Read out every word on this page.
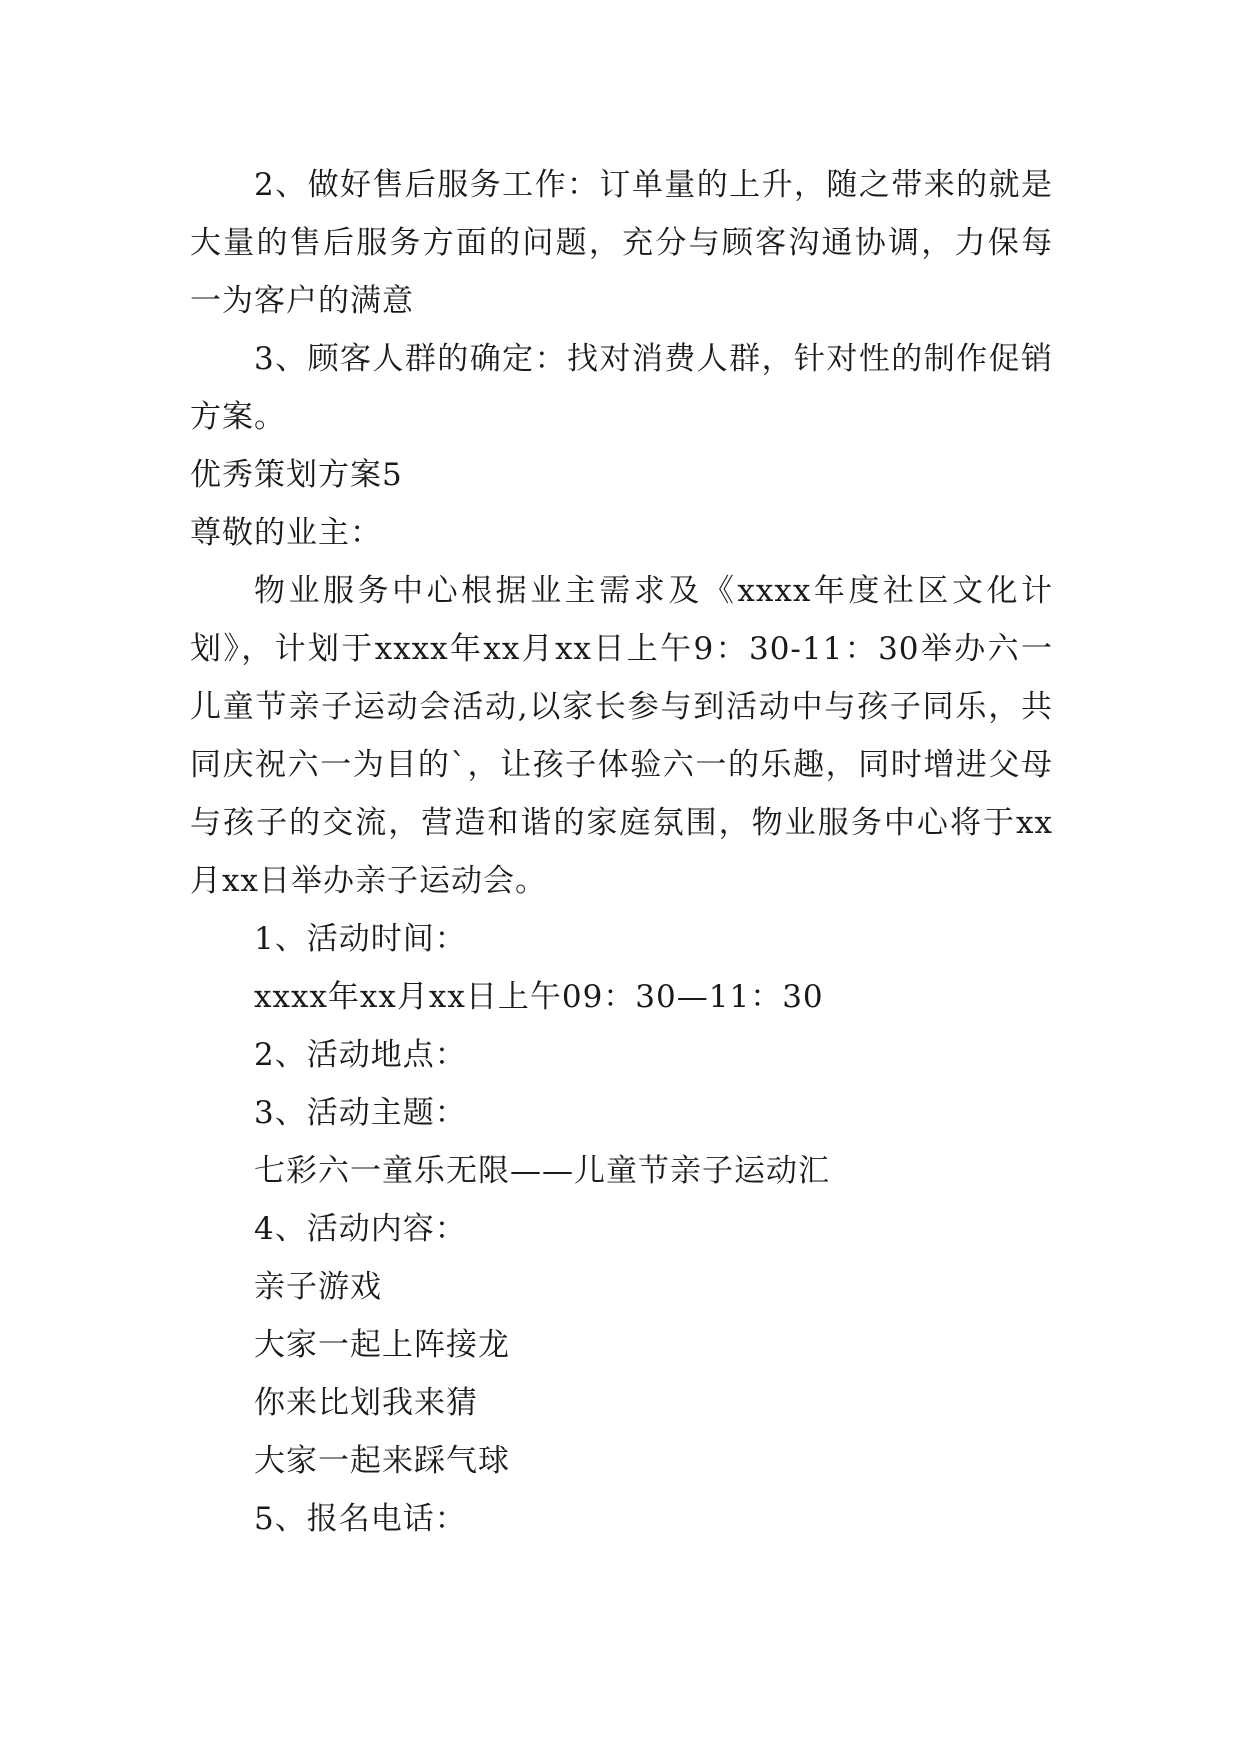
2、做好售后服务工作：订单量的上升，随之带来的就是大量的售后服务方面的问题，充分与顾客沟通协调，力保每一为客户的满意

3、顾客人群的确定：找对消费人群，针对性的制作促销方案。

优秀策划方案5

尊敬的业主：

物业服务中心根据业主需求及《xxxx年度社区文化计划》，计划于xxxx年xx月xx日上午9：30-11：30举办六一儿童节亲子运动会活动,以家长参与到活动中与孩子同乐，共同庆祝六一为目的`，让孩子体验六一的乐趣，同时增进父母与孩子的交流，营造和谐的家庭氛围，物业服务中心将于xx月xx日举办亲子运动会。

1、活动时间：

xxxx年xx月xx日上午09：30—11：30

2、活动地点：

3、活动主题：

七彩六一童乐无限——儿童节亲子运动汇

4、活动内容：

亲子游戏

大家一起上阵接龙

你来比划我来猜

大家一起来踩气球

5、报名电话：
